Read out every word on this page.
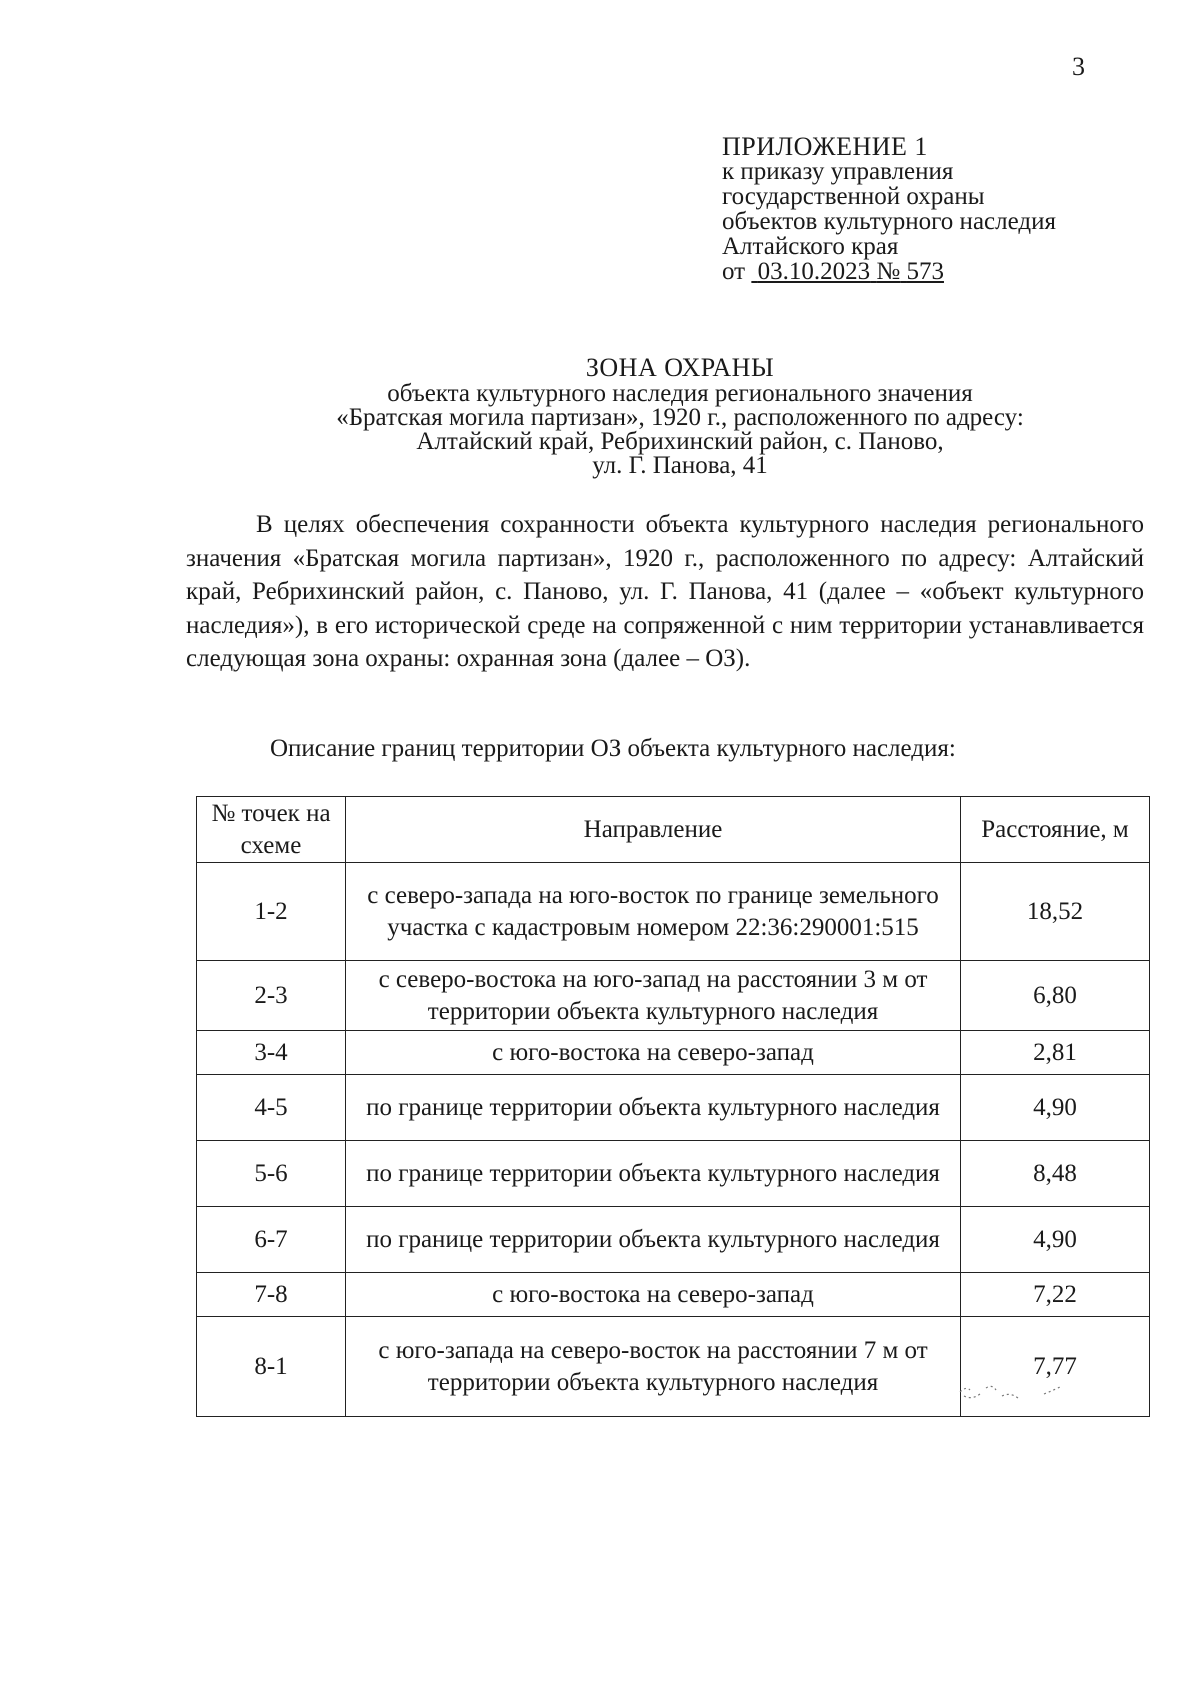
3
ПРИЛОЖЕНИЕ 1
к приказу управления
государственной охраны
объектов культурного наследия
Алтайского края
от 03.10.2023 № 573
ЗОНА ОХРАНЫ
объекта культурного наследия регионального значения
«Братская могила партизан», 1920 г., расположенного по адресу:
Алтайский край, Ребрихинский район, с. Паново,
ул. Г. Панова, 41
В целях обеспечения сохранности объекта культурного наследия регионального значения «Братская могила партизан», 1920 г., расположенного по адресу: Алтайский край, Ребрихинский район, с. Паново, ул. Г. Панова, 41 (далее – «объект культурного наследия»), в его исторической среде на сопряженной с ним территории устанавливается следующая зона охраны: охранная зона (далее – ОЗ).
Описание границ территории ОЗ объекта культурного наследия:
№ точек на схеме	Направление	Расстояние, м
1-2	с северо-запада на юго-восток по границе земельного участка с кадастровым номером 22:36:290001:515	18,52
2-3	с северо-востока на юго-запад на расстоянии 3 м от территории объекта культурного наследия	6,80
3-4	с юго-востока на северо-запад	2,81
4-5	по границе территории объекта культурного наследия	4,90
5-6	по границе территории объекта культурного наследия	8,48
6-7	по границе территории объекта культурного наследия	4,90
7-8	с юго-востока на северо-запад	7,22
8-1	с юго-запада на северо-восток на расстоянии 7 м от территории объекта культурного наследия	7,77
